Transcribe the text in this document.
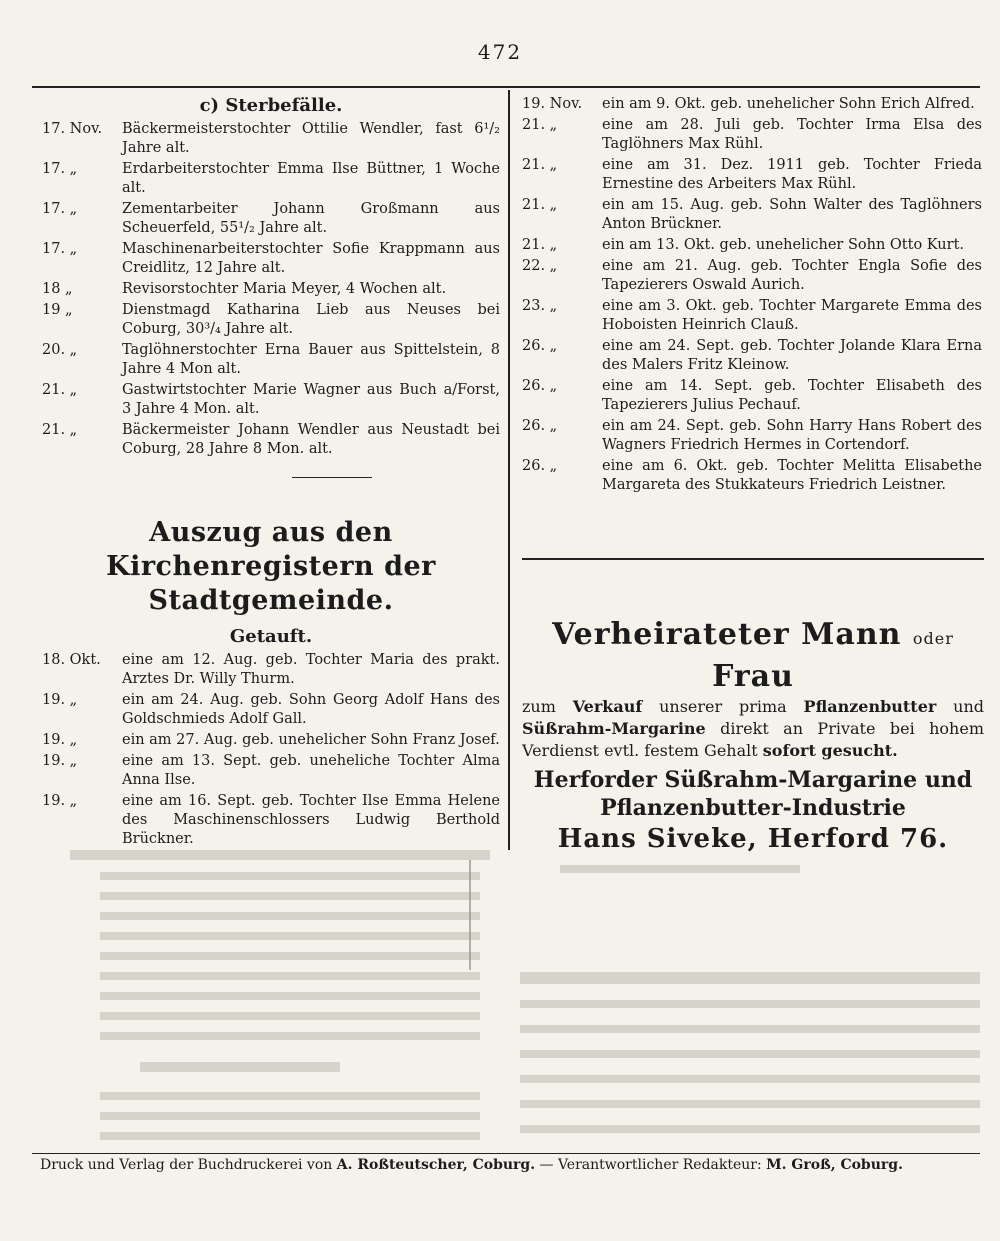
472
c) Sterbefälle.
17. Nov.	Bäckermeisterstochter Ottilie Wendler, fast 6¹/₂ Jahre alt.
17. „	Erdarbeiterstochter Emma Ilse Büttner, 1 Woche alt.
17. „	Zementarbeiter Johann Großmann aus Scheuerfeld, 55¹/₂ Jahre alt.
17. „	Maschinenarbeiterstochter Sofie Krappmann aus Creidlitz, 12 Jahre alt.
18 „	Revisorstochter Maria Meyer, 4 Wochen alt.
19 „	Dienstmagd Katharina Lieb aus Neuses bei Coburg, 30³/₄ Jahre alt.
20. „	Taglöhnerstochter Erna Bauer aus Spittelstein, 8 Jahre 4 Mon alt.
21. „	Gastwirtstochter Marie Wagner aus Buch a/Forst, 3 Jahre 4 Mon. alt.
21. „	Bäckermeister Johann Wendler aus Neustadt bei Coburg, 28 Jahre 8 Mon. alt.
Auszug aus den Kirchenregistern der Stadtgemeinde.
Getauft.
18. Okt.	eine am 12. Aug. geb. Tochter Maria des prakt. Arztes Dr. Willy Thurm.
19. „	ein am 24. Aug. geb. Sohn Georg Adolf Hans des Goldschmieds Adolf Gall.
19. „	ein am 27. Aug. geb. unehelicher Sohn Franz Josef.
19. „	eine am 13. Sept. geb. uneheliche Tochter Alma Anna Ilse.
19. „	eine am 16. Sept. geb. Tochter Ilse Emma Helene des Maschinenschlossers Ludwig Berthold Brückner.
19. Nov.	ein am 9. Okt. geb. unehelicher Sohn Erich Alfred.
21. „	eine am 28. Juli geb. Tochter Irma Elsa des Taglöhners Max Rühl.
21. „	eine am 31. Dez. 1911 geb. Tochter Frieda Ernestine des Arbeiters Max Rühl.
21. „	ein am 15. Aug. geb. Sohn Walter des Taglöhners Anton Brückner.
21. „	ein am 13. Okt. geb. unehelicher Sohn Otto Kurt.
22. „	eine am 21. Aug. geb. Tochter Engla Sofie des Tapezierers Oswald Aurich.
23. „	eine am 3. Okt. geb. Tochter Margarete Emma des Hoboisten Heinrich Clauß.
26. „	eine am 24. Sept. geb. Tochter Jolande Klara Erna des Malers Fritz Kleinow.
26. „	eine am 14. Sept. geb. Tochter Elisabeth des Tapezierers Julius Pechauf.
26. „	ein am 24. Sept. geb. Sohn Harry Hans Robert des Wagners Friedrich Hermes in Cortendorf.
26. „	eine am 6. Okt. geb. Tochter Melitta Elisabethe Margareta des Stukkateurs Friedrich Leistner.
Verheirateter Mann oder Frau
zum Verkauf unserer prima Pflanzenbutter und Süßrahm-Margarine direkt an Private bei hohem Verdienst evtl. festem Gehalt sofort gesucht.
Herforder Süßrahm-Margarine und
Pflanzenbutter-Industrie
Hans Siveke, Herford 76.
Druck und Verlag der Buchdruckerei von A. Roßteutscher, Coburg. — Verantwortlicher Redakteur: M. Groß, Coburg.
